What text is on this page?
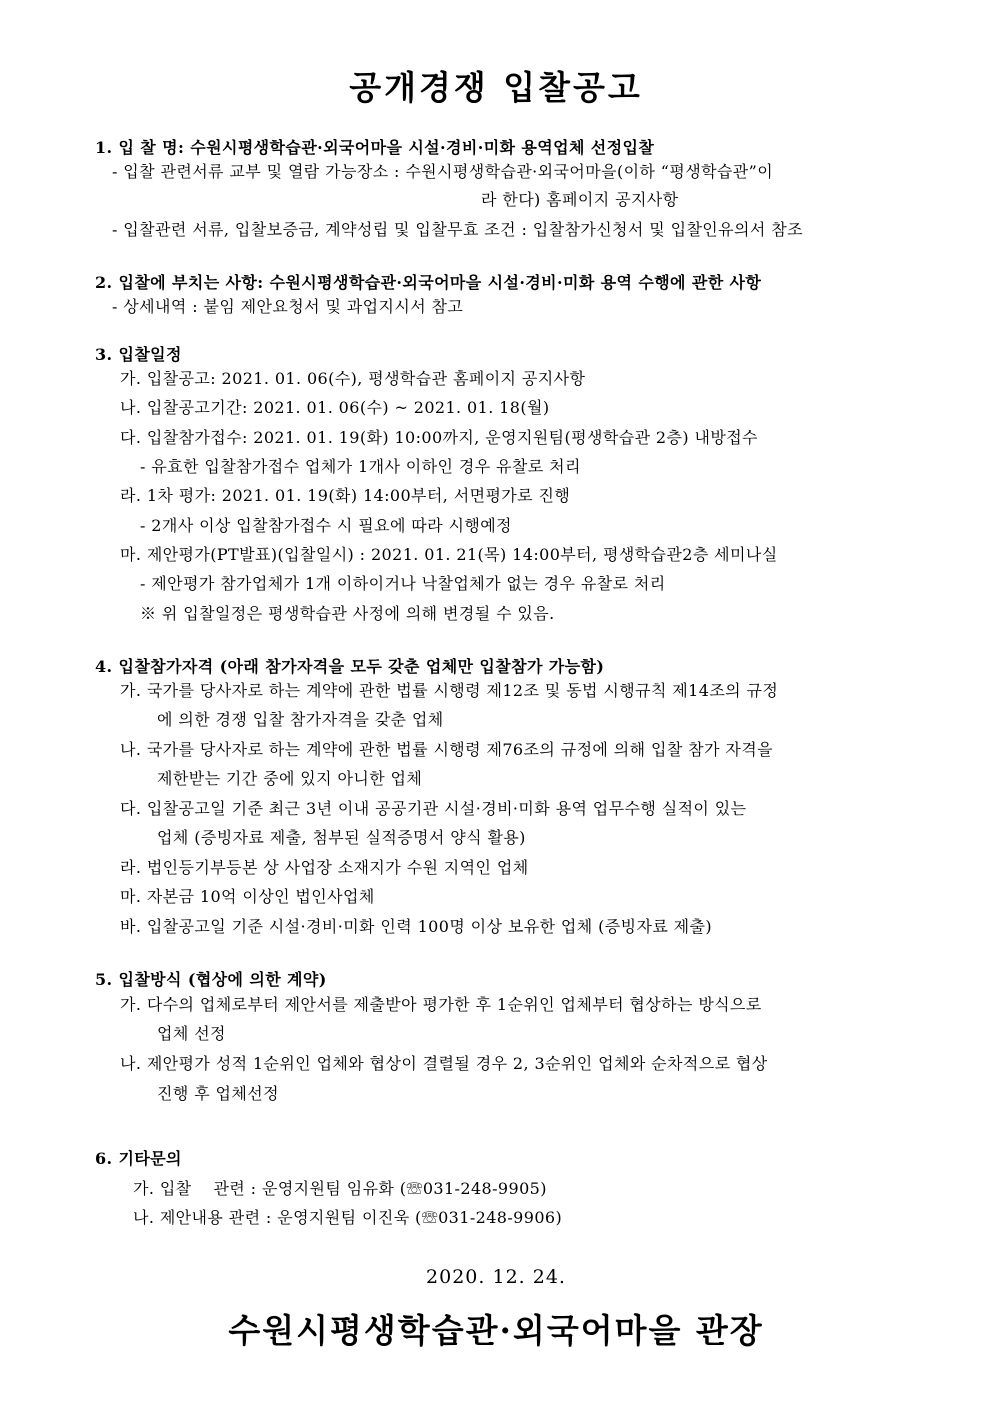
공개경쟁 입찰공고
1. 입 찰 명: 수원시평생학습관·외국어마을 시설·경비·미화 용역업체 선정입찰
- 입찰 관련서류 교부 및 열람 가능장소 : 수원시평생학습관·외국어마을(이하 “평생학습관”이
라 한다) 홈페이지 공지사항
- 입찰관련 서류, 입찰보증금, 계약성립 및 입찰무효 조건 : 입찰참가신청서 및 입찰인유의서 참조
2. 입찰에 부치는 사항: 수원시평생학습관·외국어마을 시설·경비·미화 용역 수행에 관한 사항
- 상세내역 : 붙임 제안요청서 및 과업지시서 참고
3. 입찰일정
가. 입찰공고: 2021. 01. 06(수), 평생학습관 홈페이지 공지사항
나. 입찰공고기간: 2021. 01. 06(수) ~ 2021. 01. 18(월)
다. 입찰참가접수: 2021. 01. 19(화) 10:00까지, 운영지원팀(평생학습관 2층) 내방접수
- 유효한 입찰참가접수 업체가 1개사 이하인 경우 유찰로 처리
라. 1차 평가: 2021. 01. 19(화) 14:00부터, 서면평가로 진행
- 2개사 이상 입찰참가접수 시 필요에 따라 시행예정
마. 제안평가(PT발표)(입찰일시) : 2021. 01. 21(목) 14:00부터, 평생학습관2층 세미나실
- 제안평가 참가업체가 1개 이하이거나 낙찰업체가 없는 경우 유찰로 처리
※ 위 입찰일정은 평생학습관 사정에 의해 변경될 수 있음.
4. 입찰참가자격 (아래 참가자격을 모두 갖춘 업체만 입찰참가 가능함)
가. 국가를 당사자로 하는 계약에 관한 법률 시행령 제12조 및 동법 시행규칙 제14조의 규정
에 의한 경쟁 입찰 참가자격을 갖춘 업체
나. 국가를 당사자로 하는 계약에 관한 법률 시행령 제76조의 규정에 의해 입찰 참가 자격을
제한받는 기간 중에 있지 아니한 업체
다. 입찰공고일 기준 최근 3년 이내 공공기관 시설·경비·미화 용역 업무수행 실적이 있는
업체 (증빙자료 제출, 첨부된 실적증명서 양식 활용)
라. 법인등기부등본 상 사업장 소재지가 수원 지역인 업체
마. 자본금 10억 이상인 법인사업체
바. 입찰공고일 기준 시설·경비·미화 인력 100명 이상 보유한 업체 (증빙자료 제출)
5. 입찰방식 (협상에 의한 계약)
가. 다수의 업체로부터 제안서를 제출받아 평가한 후 1순위인 업체부터 협상하는 방식으로
업체 선정
나. 제안평가 성적 1순위인 업체와 협상이 결렬될 경우 2, 3순위인 업체와 순차적으로 협상
진행 후 업체선정
6. 기타문의
가. 입찰    관련 : 운영지원팀 임유화 (☏031-248-9905)
나. 제안내용 관련 : 운영지원팀 이진욱 (☏031-248-9906)
2020. 12. 24.
수원시평생학습관·외국어마을 관장
